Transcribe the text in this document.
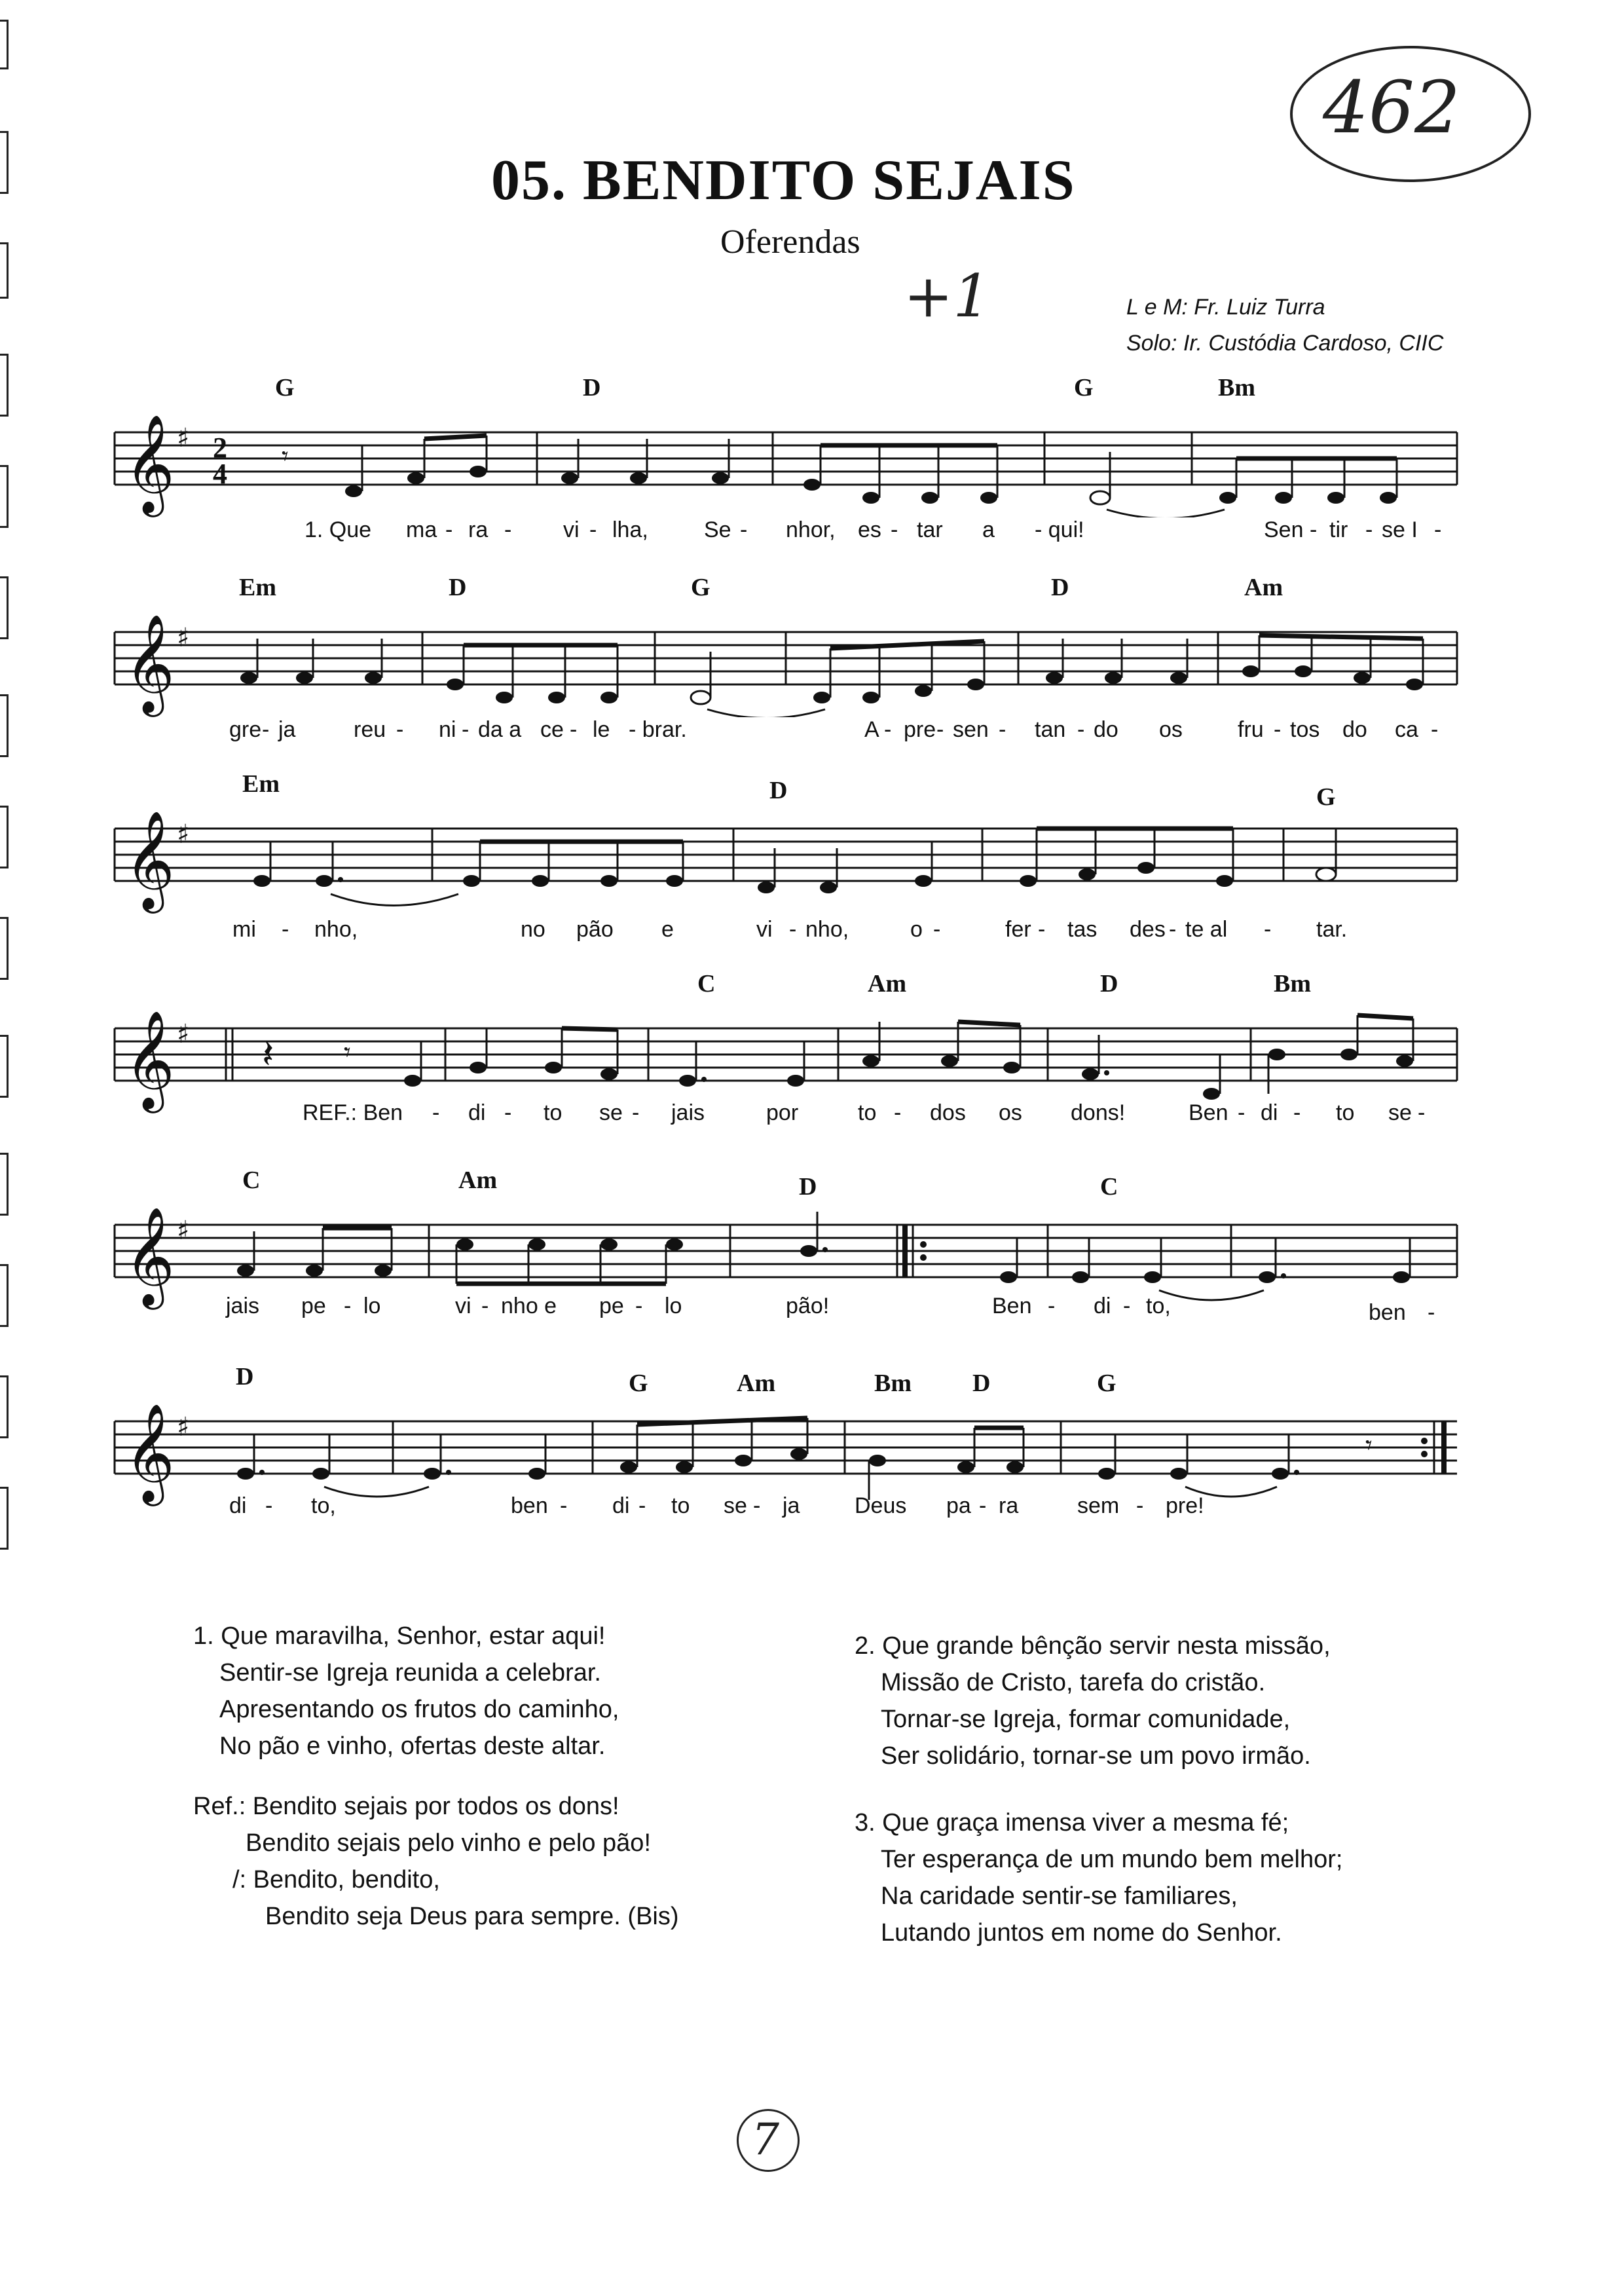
05. BENDITO SEJAIS
Oferendas
L e M: Fr. Luiz Turra
Solo: Ir. Custódia Cardoso, CIIC
462
+1
G	D	G	Bm
𝄞 ♯ 2
4
𝄾
1. Que ma - ra - vi - lha,	Se - nhor, es - tar a - qui!	Sen - tir - se I -
Em	D	G	D	Am
𝄞 ♯
gre - ja	reu - ni - da a ce - le - brar.	A - pre - sen - tan - do os fru - tos do ca -
Em	D	G
𝄞 ♯
mi - nho,	no pão e	vi - nho,	o -	fer - tas des - te al - tar.
C	Am	D	Bm
𝄞 ♯ 𝄽	𝄾
REF.: Ben - di - to se - jais	por	to - dos os dons!	Ben - di - to se -
C	Am	D	C
𝄞 ♯
jais pe - lo	vi - nho e pe - lo	pão!	Ben - di - to,	ben -
D	G	Am	Bm D	G
𝄞 ♯
𝄾
di - to,	ben - di - to se - ja Deus pa - ra	sem - pre!
1. Que maravilha, Senhor, estar aqui!
Sentir-se Igreja reunida a celebrar.
Apresentando os frutos do caminho,
No pão e vinho, ofertas deste altar.
Ref.: Bendito sejais por todos os dons!
Bendito sejais pelo vinho e pelo pão!
/: Bendito, bendito,
Bendito seja Deus para sempre. (Bis)
2. Que grande bênção servir nesta missão,
Missão de Cristo, tarefa do cristão.
Tornar-se Igreja, formar comunidade,
Ser solidário, tornar-se um povo irmão.
3. Que graça imensa viver a mesma fé;
Ter esperança de um mundo bem melhor;
Na caridade sentir-se familiares,
Lutando juntos em nome do Senhor.
7
